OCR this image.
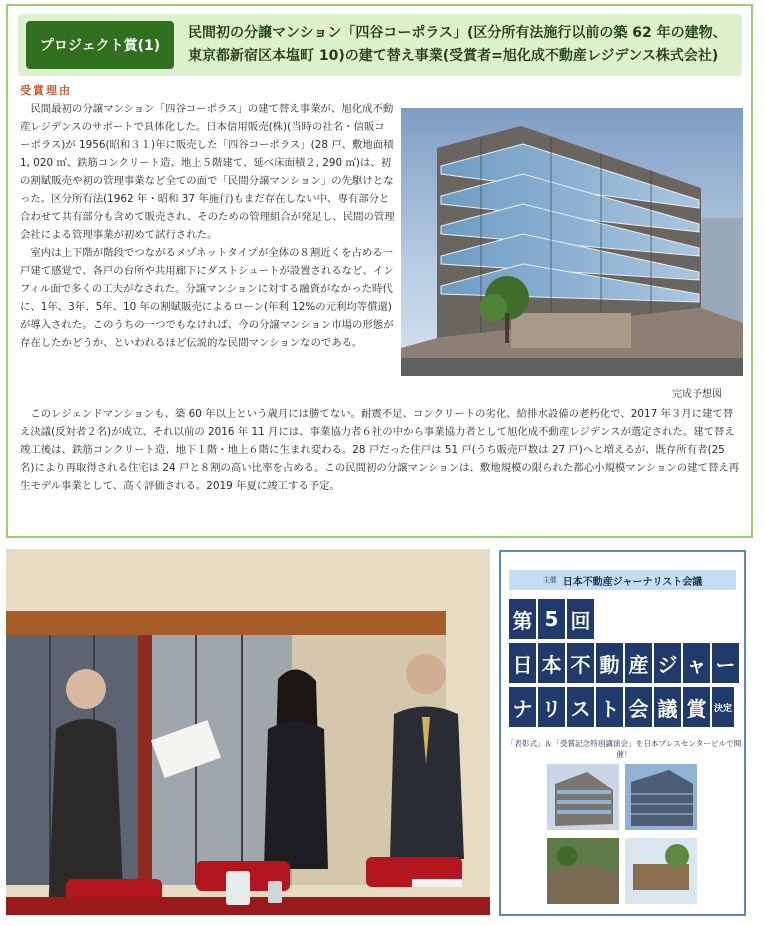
プロジェクト賞(1)
民間初の分譲マンション「四谷コーポラス」(区分所有法施行以前の築 62 年の建物、東京都新宿区本塩町 10)の建て替え事業(受賞者=旭化成不動産レジデンス株式会社)
受賞理由

民間最初の分譲マンション「四谷コーポラス」の建て替え事業が、旭化成不動産レジデンスのサポートで具体化した。日本信用販売(株)(当時の社名・信販コーポラス)が 1956(昭和３１)年に販売した「四谷コーポラス」(28 戸、敷地面積 1, 020 ㎡、鉄筋コンクリート造、地上５階建て、延べ床面積２, 290 ㎡)は、初の割賦販売や初の管理事業など全ての面で「民間分譲マンション」の先駆けとなった。区分所有法(1962 年・昭和 37 年施行)もまだ存在しない中、専有部分と合わせて共有部分も含めて販売され、そのための管理組合が発足し、民間の管理会社による管理事業が初めて試行された。

室内は上下階が階段でつながるメゾネットタイプが全体の８割近くを占める一戸建て感覚で、各戸の台所や共用廊下にダストシュートが設置されるなど、インフィル面で多くの工夫がなされた。分譲マンションに対する融資がなかった時代に、1年、3年、5年、10 年の割賦販売によるローン(年利 12%の元利均等償還)が導入された。このうちの一つでもなければ、今の分譲マンション市場の形態が存在したかどうか、といわれるほど伝説的な民間マンションなのである。

完成予想図

このレジェンドマンションも、築 60 年以上という歳月には勝てない。耐震不足、コンクリートの劣化、給排水設備の老朽化で、2017 年３月に建て替え決議(反対者２名)が成立、それ以前の 2016 年 11 月には、事業協力者６社の中から事業協力者として旭化成不動産レジデンスが選定された。建て替え竣工後は、鉄筋コンクリート造、地下１階・地上６階に生まれ変わる。28 戸だった住戸は 51 戸(うち販売戸数は 27 戸)へと増えるが、既存所有者(25 名)により再取得される住宅は 24 戸と８割の高い比率を占める。この民間初の分譲マンションは、敷地規模の限られた都心小規模マンションの建て替え再生モデル事業として、高く評価される。2019 年夏に竣工する予定。

主催 日本不動産ジャーナリスト会議
第 5 回
日 本 不 動 産 ジ ャ ー
ナ リ ス ト 会 議 賞 決定
「表彰式」＆「受賞記念特別講演会」を日本プレスセンタービルで開催！
